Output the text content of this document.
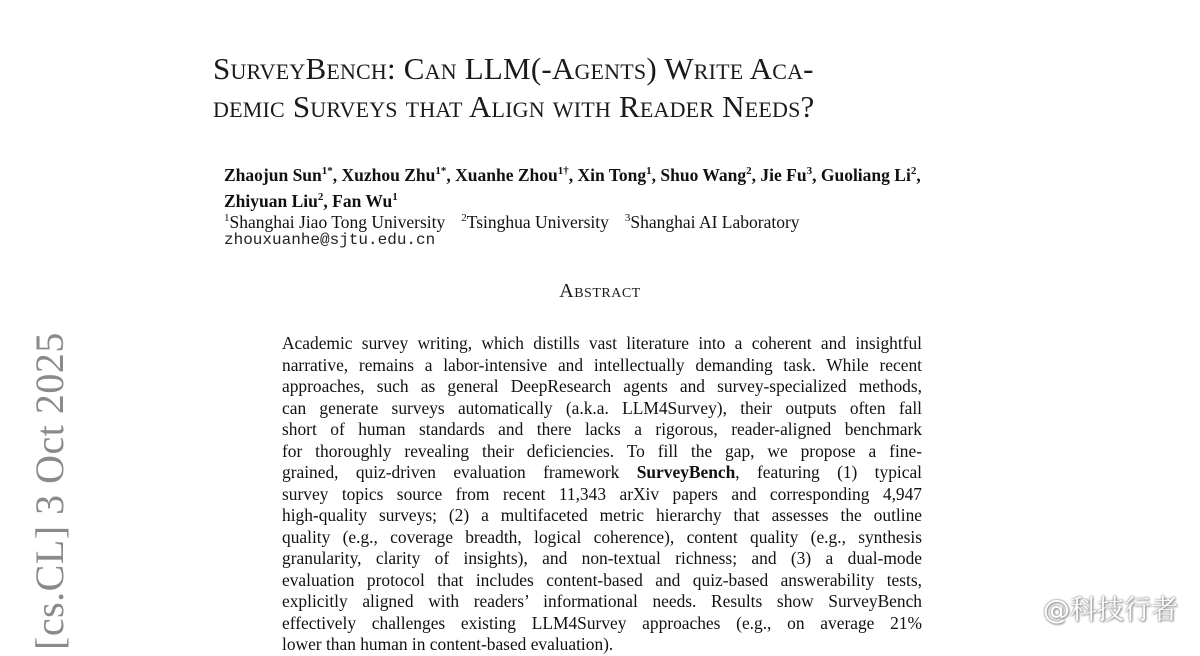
SurveyBench: Can LLM(-Agents) Write Aca-
demic Surveys that Align with Reader Needs?
Zhaojun Sun$^{1*}$, Xuzhou Zhu$^{1*}$, Xuanhe Zhou$^{1\dagger}$, Xin Tong$^1$, Shuo Wang$^2$, Jie Fu$^3$, Guoliang Li$^2$,
Zhiyuan Liu$^2$, Fan Wu$^1$
$^1$Shanghai Jiao Tong University $^2$Tsinghua University $^3$Shanghai AI Laboratory
zhouxuanhe@sjtu.edu.cn
Abstract
Academic survey writing, which distills vast literature into a coherent and insightful
narrative, remains a labor-intensive and intellectually demanding task. While recent
approaches, such as general DeepResearch agents and survey-specialized methods,
can generate surveys automatically (a.k.a. LLM4Survey), their outputs often fall
short of human standards and there lacks a rigorous, reader-aligned benchmark
for thoroughly revealing their deficiencies. To fill the gap, we propose a fine-
grained, quiz-driven evaluation framework SurveyBench, featuring (1) typical
survey topics source from recent 11,343 arXiv papers and corresponding 4,947
high-quality surveys; (2) a multifaceted metric hierarchy that assesses the outline
quality (e.g., coverage breadth, logical coherence), content quality (e.g., synthesis
granularity, clarity of insights), and non-textual richness; and (3) a dual-mode
evaluation protocol that includes content-based and quiz-based answerability tests,
explicitly aligned with readers’ informational needs. Results show SurveyBench
effectively challenges existing LLM4Survey approaches (e.g., on average 21%
lower than human in content-based evaluation).
[cs.CL] 3 Oct 2025	@科技行者
